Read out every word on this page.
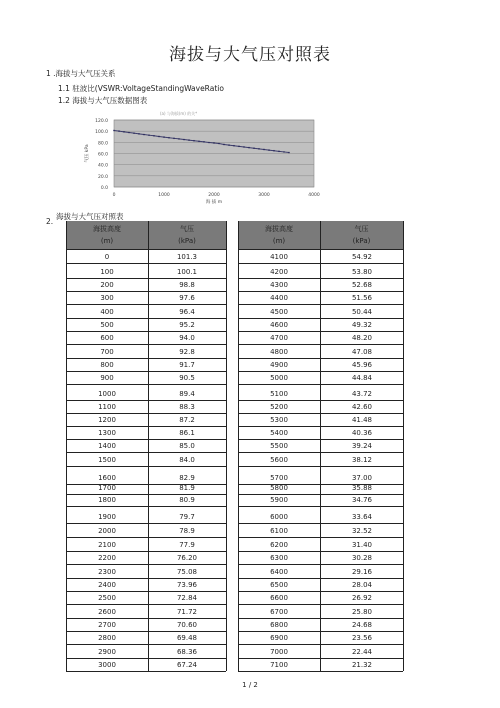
海拔与大气压对照表
1 .海拔与大气压关系
1.1 驻波比(VSWR:VoltageStandingWaveRatio
1.2 海拔与大气压数据图表
0.0
20.0
40.0
60.0
80.0
100.0
120.0
0	1000	2000	3000	4000
海 拔 m
气压 kPa
(a) 与海拔(m) 的关*
2.
海拔与大气压对照表
海拔高度
(m)
气压
(kPa)
海拔高度
(m)
气压
(kPa)
0	101.3	4100	54.92
100	100.1	4200	53.80
200	98.8	4300	52.68
300	97.6	4400	51.56
400	96.4	4500	50.44
500	95.2	4600	49.32
600	94.0	4700	48.20
700	92.8	4800	47.08
800	91.7	4900	45.96
900	90.5	5000	44.84
1000	89.4	5100	43.72
1100	88.3	5200	42.60
1200	87.2	5300	41.48
1300	86.1	5400	40.36
1400	85.0	5500	39.24
1500	84.0	5600	38.12
1600	82.9	5700	37.00
1700	81.9	5800	35.88
1800	80.9	5900	34.76
1900	79.7	6000	33.64
2000	78.9	6100	32.52
2100	77.9	6200	31.40
2200	76.20	6300	30.28
2300	75.08	6400	29.16
2400	73.96	6500	28.04
2500	72.84	6600	26.92
2600	71.72	6700	25.80
2700	70.60	6800	24.68
2800	69.48	6900	23.56
2900	68.36	7000	22.44
3000	67.24	7100	21.32
1 / 2
